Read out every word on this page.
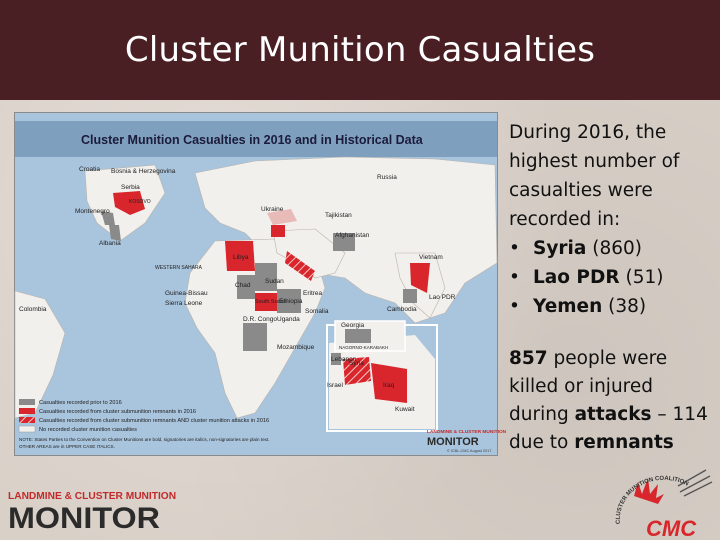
Cluster Munition Casualties
Cluster Munition Casualties in 2016 and in Historical Data
Croatia Bosnia & Herzegovina
Serbia
Montenegro
KOSOVO
Albania
Russia
Ukraine
Tajikistan
Afghanistan
Libya
WESTERN SAHARA
Chad
Sudan
South Sudan
Ethiopia
Eritrea
Somalia
Guinea-Bissau
Sierra Leone
D.R. Congo Uganda
Colombia
Mozambique
Vietnam
Lao PDR
Cambodia
Georgia
NAGORNO-KARABAKH
Lebanon
Syria
Israel	Iraq
Kuwait
Casualties recorded prior to 2016
Casualties recorded from cluster submunition remnants in 2016
Casualties recorded from cluster submunition remnants AND cluster munition attacks in 2016
No recorded cluster munition casualties
NOTE: States Parties to the Convention on Cluster Munitions are bold, signatories are italics, non-signatories are plain text.
OTHER AREAS are in UPPER CASE ITALICS.
LANDMINE & CLUSTER MUNITION
MONITOR
© ICBL-CMC August 2017

During 2016, the highest number of casualties were recorded in:

• Syria (860)
• Lao PDR (51)
• Yemen (38)

857 people were killed or injured during attacks – 114 due to remnants

LANDMINE & CLUSTER MUNITION
MONITOR	CLUSTER MUNITION COALITION
CMC
